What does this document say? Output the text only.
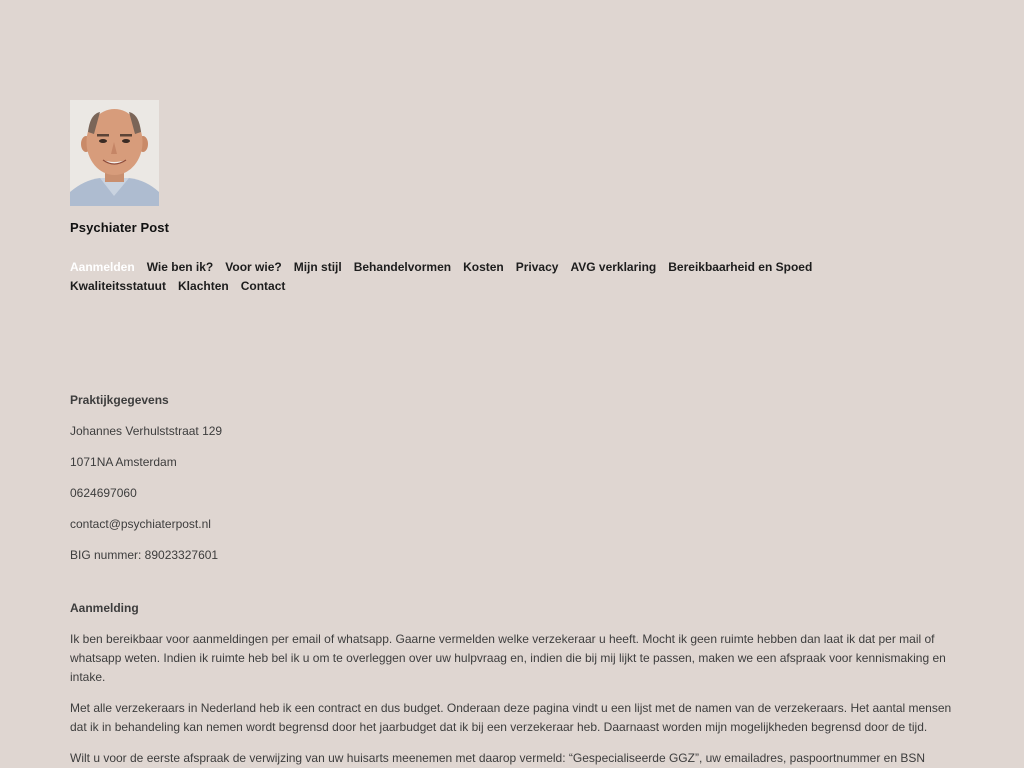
Psychiater Post
Aanmelden Wie ben ik? Voor wie? Mijn stijl Behandelvormen Kosten Privacy AVG verklaring Bereikbaarheid en SpoedKwaliteitsstatuut Klachten Contact

Praktijkgegevens

Johannes Verhulststraat 129

1071NA Amsterdam

0624697060

contact@psychiaterpost.nl

BIG nummer: 89023327601

Aanmelding

Ik ben bereikbaar voor aanmeldingen per email of whatsapp. Gaarne vermelden welke verzekeraar u heeft. Mocht ik geen ruimte hebben dan laat ik dat per mail of whatsapp weten. Indien ik ruimte heb bel ik u om te overleggen over uw hulpvraag en, indien die bij mij lijkt te passen, maken we een afspraak voor kennismaking en intake.

Met alle verzekeraars in Nederland heb ik een contract en dus budget. Onderaan deze pagina vindt u een lijst met de namen van de verzekeraars. Het aantal mensen dat ik in behandeling kan nemen wordt begrensd door het jaarbudget dat ik bij een verzekeraar heb. Daarnaast worden mijn mogelijkheden begrensd door de tijd.

Wilt u voor de eerste afspraak de verwijzing van uw huisarts meenemen met daarop vermeld: “Gespecialiseerde GGZ”, uw emailadres, paspoortnummer en BSN
